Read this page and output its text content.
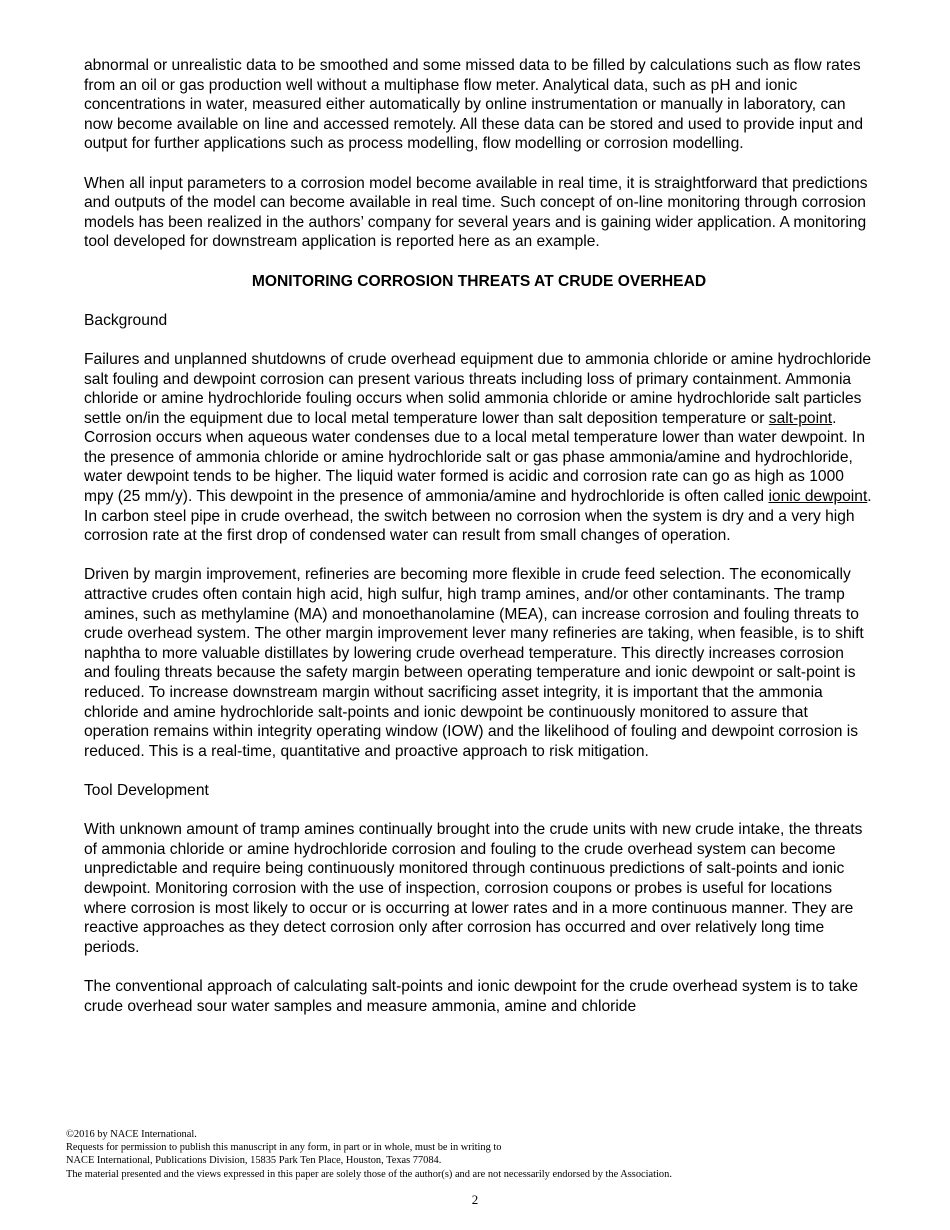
abnormal or unrealistic data to be smoothed and some missed data to be filled by calculations such as flow rates from an oil or gas production well without a multiphase flow meter. Analytical data, such as pH and ionic concentrations in water, measured either automatically by online instrumentation or manually in laboratory, can now become available on line and accessed remotely. All these data can be stored and used to provide input and output for further applications such as process modelling, flow modelling or corrosion modelling.

When all input parameters to a corrosion model become available in real time, it is straightforward that predictions and outputs of the model can become available in real time. Such concept of on-line monitoring through corrosion models has been realized in the authors’ company for several years and is gaining wider application. A monitoring tool developed for downstream application is reported here as an example.

MONITORING CORROSION THREATS AT CRUDE OVERHEAD
Background

Failures and unplanned shutdowns of crude overhead equipment due to ammonia chloride or amine hydrochloride salt fouling and dewpoint corrosion can present various threats including loss of primary containment. Ammonia chloride or amine hydrochloride fouling occurs when solid ammonia chloride or amine hydrochloride salt particles settle on/in the equipment due to local metal temperature lower than salt deposition temperature or salt-point. Corrosion occurs when aqueous water condenses due to a local metal temperature lower than water dewpoint. In the presence of ammonia chloride or amine hydrochloride salt or gas phase ammonia/amine and hydrochloride, water dewpoint tends to be higher. The liquid water formed is acidic and corrosion rate can go as high as 1000 mpy (25 mm/y). This dewpoint in the presence of ammonia/amine and hydrochloride is often called ionic dewpoint. In carbon steel pipe in crude overhead, the switch between no corrosion when the system is dry and a very high corrosion rate at the first drop of condensed water can result from small changes of operation.

Driven by margin improvement, refineries are becoming more flexible in crude feed selection. The economically attractive crudes often contain high acid, high sulfur, high tramp amines, and/or other contaminants. The tramp amines, such as methylamine (MA) and monoethanolamine (MEA), can increase corrosion and fouling threats to crude overhead system. The other margin improvement lever many refineries are taking, when feasible, is to shift naphtha to more valuable distillates by lowering crude overhead temperature. This directly increases corrosion and fouling threats because the safety margin between operating temperature and ionic dewpoint or salt-point is reduced. To increase downstream margin without sacrificing asset integrity, it is important that the ammonia chloride and amine hydrochloride salt-points and ionic dewpoint be continuously monitored to assure that operation remains within integrity operating window (IOW) and the likelihood of fouling and dewpoint corrosion is reduced. This is a real-time, quantitative and proactive approach to risk mitigation.

Tool Development

With unknown amount of tramp amines continually brought into the crude units with new crude intake, the threats of ammonia chloride or amine hydrochloride corrosion and fouling to the crude overhead system can become unpredictable and require being continuously monitored through continuous predictions of salt-points and ionic dewpoint. Monitoring corrosion with the use of inspection, corrosion coupons or probes is useful for locations where corrosion is most likely to occur or is occurring at lower rates and in a more continuous manner. They are reactive approaches as they detect corrosion only after corrosion has occurred and over relatively long time periods.

The conventional approach of calculating salt-points and ionic dewpoint for the crude overhead system is to take crude overhead sour water samples and measure ammonia, amine and chloride

©2016 by NACE International.
Requests for permission to publish this manuscript in any form, in part or in whole, must be in writing to
NACE International, Publications Division, 15835 Park Ten Place, Houston, Texas 77084.
The material presented and the views expressed in this paper are solely those of the author(s) and are not necessarily endorsed by the Association.
2
